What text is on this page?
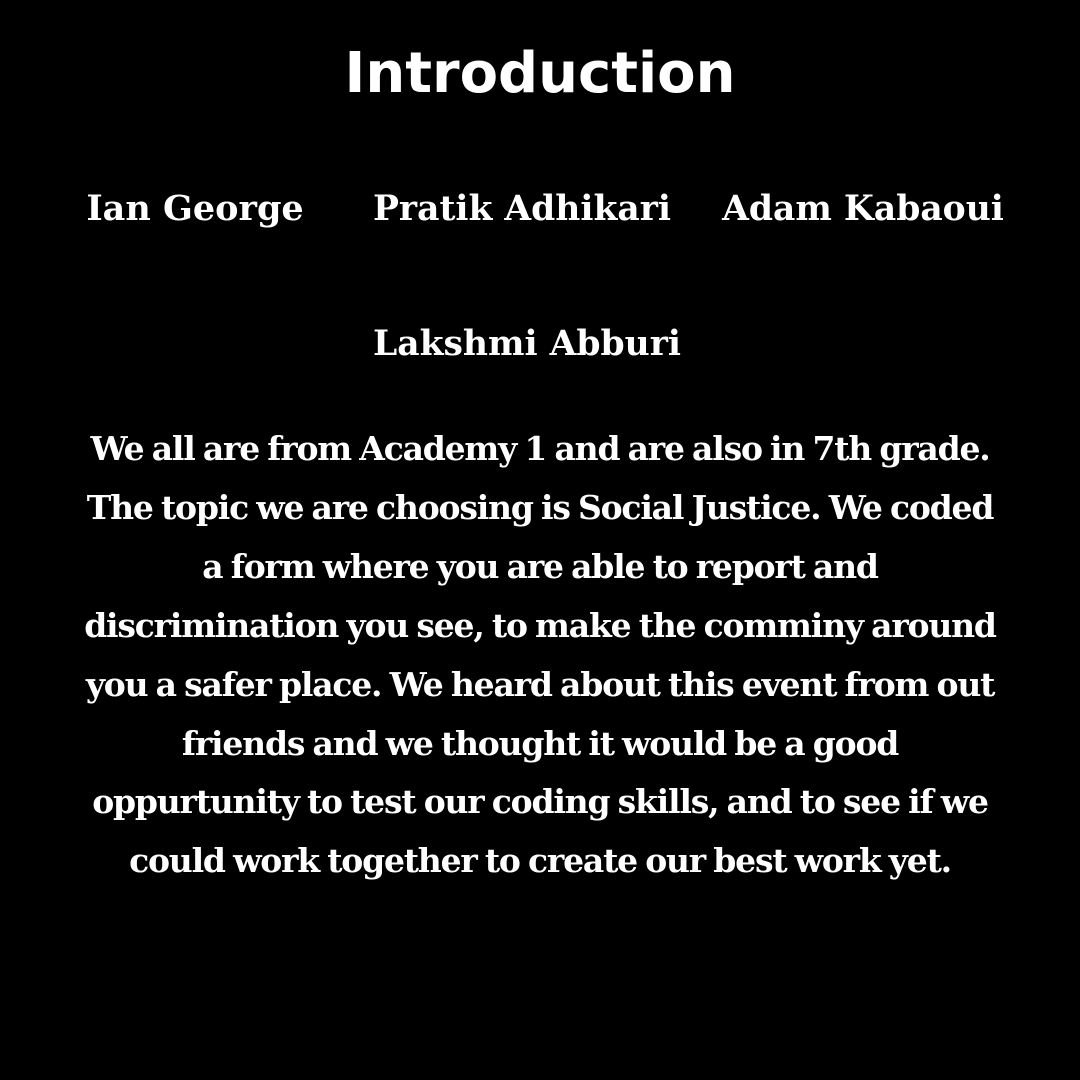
Introduction
Ian George	Pratik Adhikari Adam Kabaoui
Lakshmi Abburi

We all are from Academy 1 and are also in 7th grade.
The topic we are choosing is Social Justice. We coded
a form where you are able to report and
discrimination you see, to make the comminy around
you a safer place. We heard about this event from out
friends and we thought it would be a good
oppurtunity to test our coding skills, and to see if we
could work together to create our best work yet.
